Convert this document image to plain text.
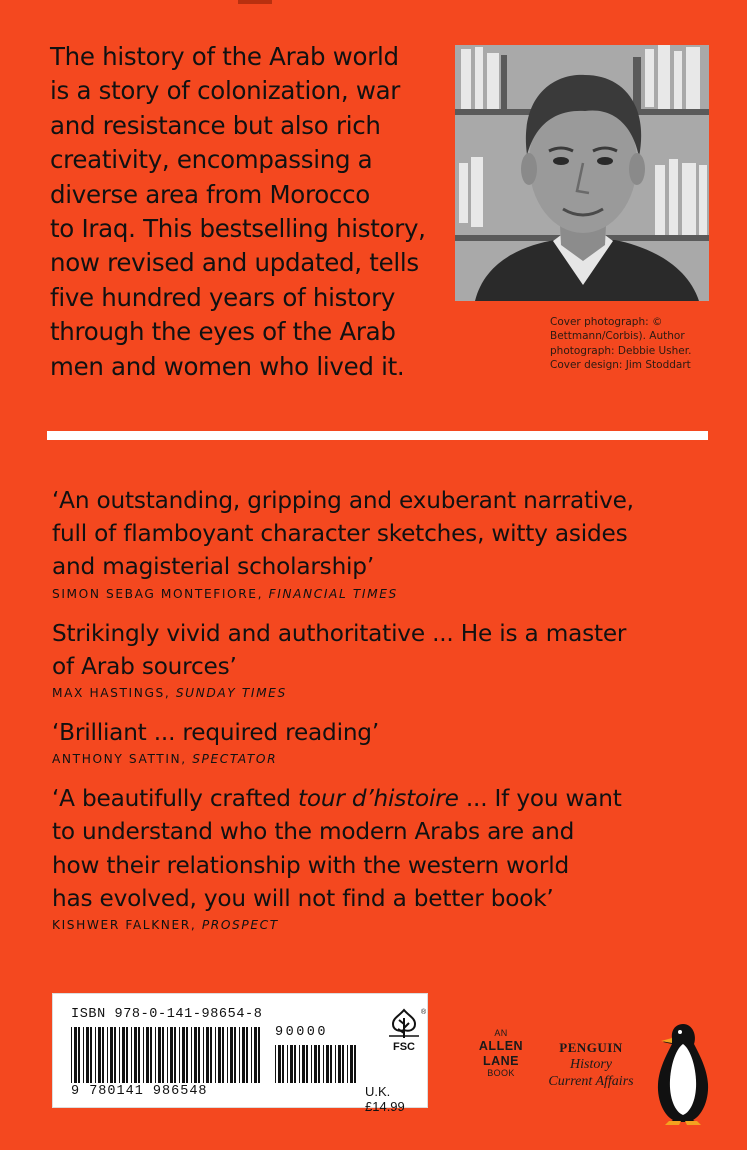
The history of the Arab world
is a story of colonization, war
and resistance but also rich
creativity, encompassing a
diverse area from Morocco
to Iraq. This bestselling history,
now revised and updated, tells
five hundred years of history
through the eyes of the Arab
men and women who lived it.
Cover photograph: ©
Bettmann/Corbis). Author
photograph: Debbie Usher.
Cover design: Jim Stoddart
‘An outstanding, gripping and exuberant narrative,
full of flamboyant character sketches, witty asides
and magisterial scholarship’
SIMON SEBAG MONTEFIORE, FINANCIAL TIMES
Strikingly vivid and authoritative ... He is a master
of Arab sources’
MAX HASTINGS, SUNDAY TIMES
‘Brilliant ... required reading’
ANTHONY SATTIN, SPECTATOR
‘A beautifully crafted tour d’histoire ... If you want
to understand who the modern Arabs are and
how their relationship with the western world
has evolved, you will not find a better book’
KISHWER FALKNER, PROSPECT
ISBN 978-0-141-98654-8
9 780141 986548
90000
FSC
®
U.K. £14.99
AN
ALLEN
LANE
BOOK
PENGUIN
History
Current Affairs
